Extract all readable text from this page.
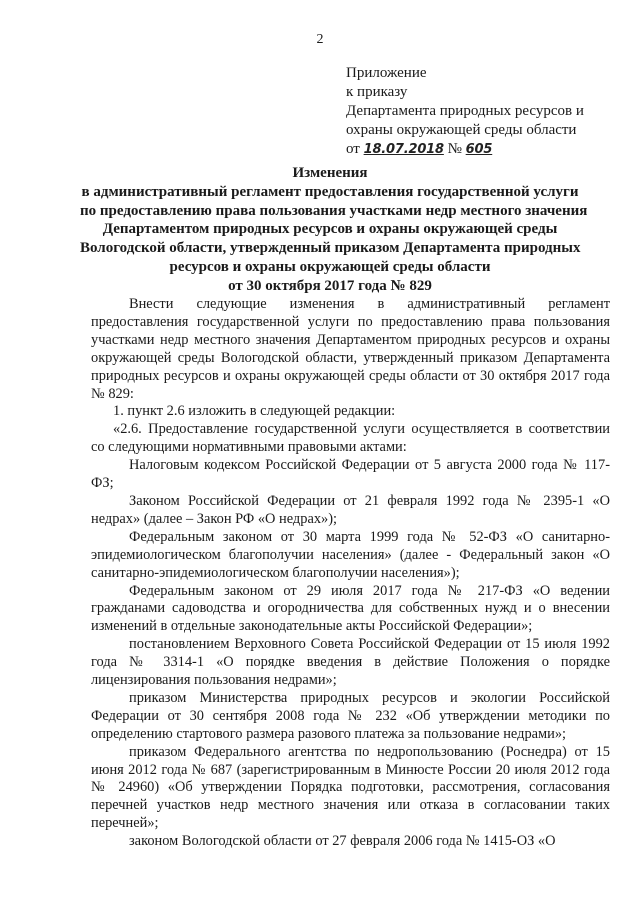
2
Приложение
к приказу
Департамента природных ресурсов и
охраны окружающей среды области
от 18.07.2018 № 605
Изменения
в административный регламент предоставления государственной услуги
по предоставлению права пользования участками недр местного значения
Департаментом природных ресурсов и охраны окружающей среды
Вологодской области, утвержденный приказом Департамента природных
ресурсов и охраны окружающей среды области
от 30 октября 2017 года № 829

Внести следующие изменения в административный регламент предоставления государственной услуги по предоставлению права пользования участками недр местного значения Департаментом природных ресурсов и охраны окружающей среды Вологодской области, утвержденный приказом Департамента природных ресурсов и охраны окружающей среды области от 30 октября 2017 года № 829:

1. пункт 2.6 изложить в следующей редакции:

«2.6. Предоставление государственной услуги осуществляется в соответствии со следующими нормативными правовыми актами:

Налоговым кодексом Российской Федерации от 5 августа 2000 года № 117-ФЗ;

Законом Российской Федерации от 21 февраля 1992 года № 2395-1 «О недрах» (далее – Закон РФ «О недрах»);

Федеральным законом от 30 марта 1999 года № 52-ФЗ «О санитарно-эпидемиологическом благополучии населения» (далее - Федеральный закон «О санитарно-эпидемиологическом благополучии населения»);

Федеральным законом от 29 июля 2017 года № 217-ФЗ «О ведении гражданами садоводства и огородничества для собственных нужд и о внесении изменений в отдельные законодательные акты Российской Федерации»;

постановлением Верховного Совета Российской Федерации от 15 июля 1992 года № 3314-1 «О порядке введения в действие Положения о порядке лицензирования пользования недрами»;

приказом Министерства природных ресурсов и экологии Российской Федерации от 30 сентября 2008 года № 232 «Об утверждении методики по определению стартового размера разового платежа за пользование недрами»;

приказом Федерального агентства по недропользованию (Роснедра) от 15 июня 2012 года № 687 (зарегистрированным в Минюсте России 20 июля 2012 года № 24960) «Об утверждении Порядка подготовки, рассмотрения, согласования перечней участков недр местного значения или отказа в согласовании таких перечней»;

законом Вологодской области от 27 февраля 2006 года № 1415-ОЗ «О
